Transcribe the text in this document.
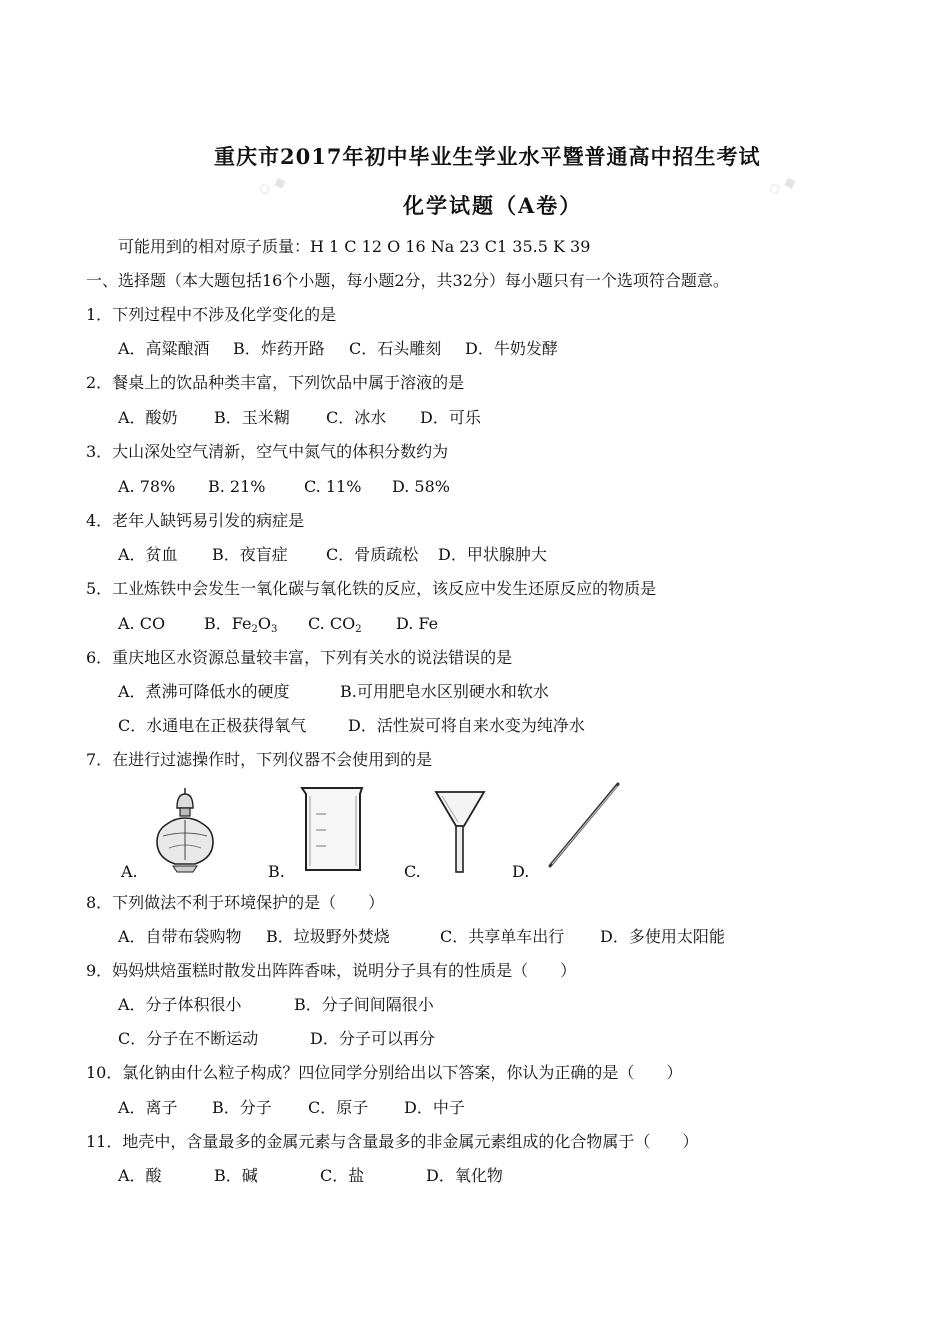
重庆市2017年初中毕业生学业水平暨普通高中招生考试
化学试题（A卷）
◇ ◆	◇ ◆
可能用到的相对原子质量：H 1 C 12 O 16 Na 23 C1 35.5 K 39
一、选择题（本大题包括16个小题，每小题2分，共32分）每小题只有一个选项符合题意。
1．下列过程中不涉及化学变化的是
A．高粱酿酒 B．炸药开路 C．石头雕刻 D．牛奶发酵
2．餐桌上的饮品种类丰富，下列饮品中属于溶液的是
A．酸奶 B．玉米糊 C．冰水 D．可乐
3．大山深处空气清新，空气中氮气的体积分数约为
A. 78% B. 21% C. 11% D. 58%
4．老年人缺钙易引发的病症是
A．贫血 B．夜盲症 C．骨质疏松 D．甲状腺肿大
5．工业炼铁中会发生一氧化碳与氧化铁的反应，该反应中发生还原反应的物质是
A. CO B．$Fe_2O_3$ C. $CO_2$ D. Fe
6．重庆地区水资源总量较丰富，下列有关水的说法错误的是
A．煮沸可降低水的硬度	B.可用肥皂水区别硬水和软水
C．水通电在正极获得氧气	D．活性炭可将自来水变为纯净水
7．在进行过滤操作时，下列仪器不会使用到的是
A.	B.	C.	D.
8．下列做法不利于环境保护的是（　　）
A．自带布袋购物 B．垃圾野外焚烧	C．共享单车出行 D．多使用太阳能
9．妈妈烘焙蛋糕时散发出阵阵香味，说明分子具有的性质是（　　）
A．分子体积很小	B．分子间间隔很小
C．分子在不断运动	D．分子可以再分
10．氯化钠由什么粒子构成？四位同学分别给出以下答案，你认为正确的是（　　）
A．离子 B．分子 C．原子 D．中子
11．地壳中，含量最多的金属元素与含量最多的非金属元素组成的化合物属于（　　）
A．酸	B．碱	C．盐	D．氧化物
